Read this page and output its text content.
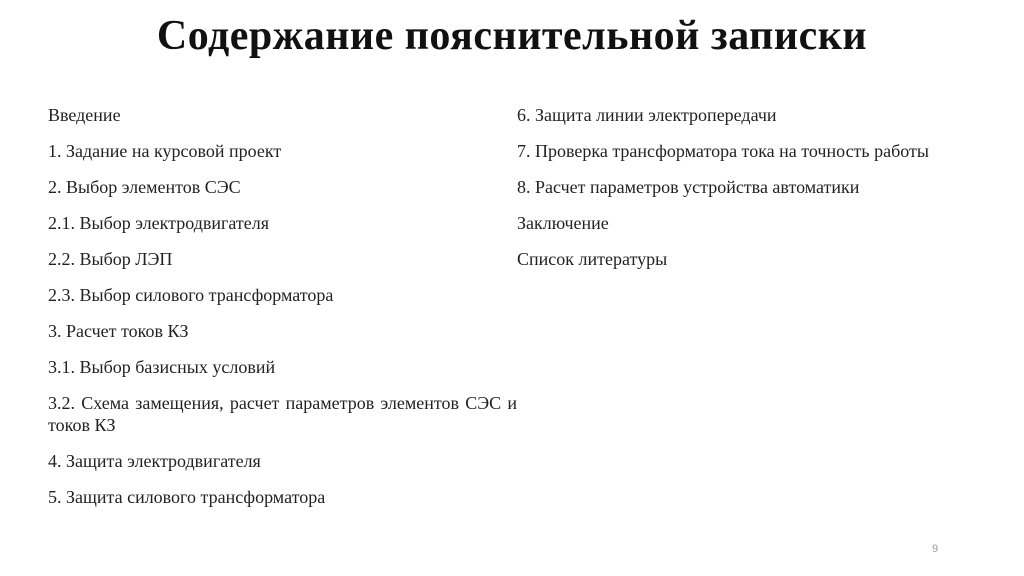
Содержание пояснительной записки
Введение
1. Задание на курсовой проект
2. Выбор элементов СЭС
2.1. Выбор электродвигателя
2.2. Выбор ЛЭП
2.3. Выбор силового трансформатора
3. Расчет токов КЗ
3.1. Выбор базисных условий
3.2. Схема замещения, расчет параметров элементов СЭС и токов КЗ
4. Защита электродвигателя
5. Защита силового трансформатора
6. Защита линии электропередачи
7. Проверка трансформатора тока на точность работы
8. Расчет параметров устройства автоматики
Заключение
Список литературы
9
